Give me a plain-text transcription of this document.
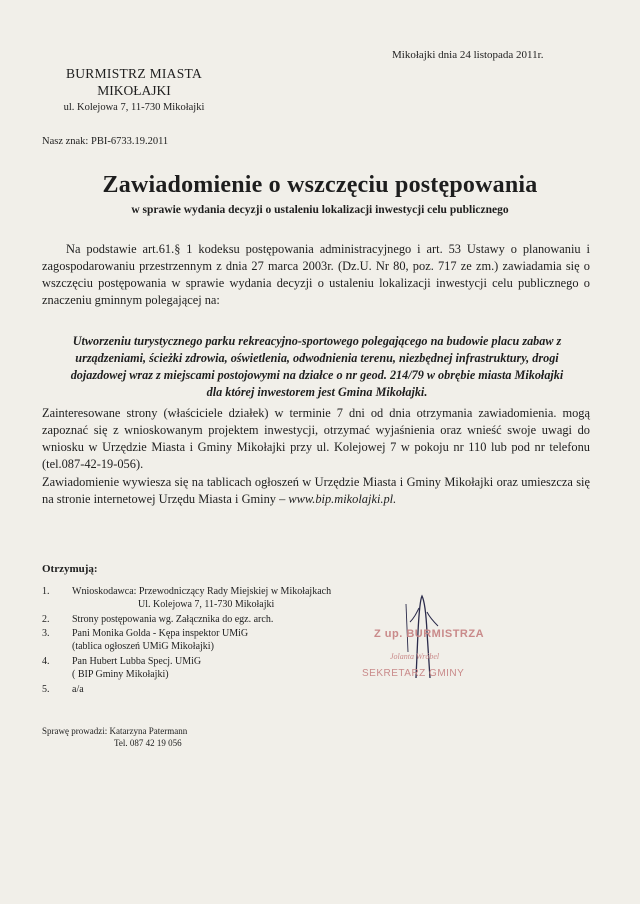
Mikołajki dnia 24 listopada 2011r.
BURMISTRZ MIASTA
MIKOŁAJKI
ul. Kolejowa 7, 11-730 Mikołajki
Nasz znak: PBI-6733.19.2011
Zawiadomienie o wszczęciu postępowania
w sprawie wydania decyzji o ustaleniu lokalizacji inwestycji celu publicznego
Na podstawie art.61.§ 1 kodeksu postępowania administracyjnego i art. 53 Ustawy o planowaniu i zagospodarowaniu przestrzennym z dnia 27 marca 2003r. (Dz.U. Nr 80, poz. 717 ze zm.) zawiadamia się o wszczęciu postępowania w sprawie wydania decyzji o ustaleniu lokalizacji inwestycji celu publicznego o znaczeniu gminnym polegającej na:
Utworzeniu turystycznego parku rekreacyjno-sportowego polegającego na budowie placu zabaw z
urządzeniami, ścieżki zdrowia, oświetlenia, odwodnienia terenu, niezbędnej infrastruktury, drogi
dojazdowej wraz z miejscami postojowymi na działce o nr geod. 214/79 w obrębie miasta Mikołajki
dla której inwestorem jest Gmina Mikołajki.
Zainteresowane strony (właściciele działek) w terminie 7 dni od dnia otrzymania zawiadomienia. mogą zapoznać się z wnioskowanym projektem inwestycji, otrzymać wyjaśnienia oraz wnieść swoje uwagi do wniosku w Urzędzie Miasta i Gminy Mikołajki przy ul. Kolejowej 7 w pokoju nr 110 lub pod nr telefonu (tel.087-42-19-056).
Zawiadomienie wywiesza się na tablicach ogłoszeń w Urzędzie Miasta i Gminy Mikołajki oraz umieszcza się na stronie internetowej Urzędu Miasta i Gminy – www.bip.mikolajki.pl.
Otrzymują:
1.	Wnioskodawca: Przewodniczący Rady Miejskiej w Mikołajkach
Ul. Kolejowa 7, 11-730 Mikołajki
2.	Strony postępowania wg. Załącznika do egz. arch.
3.	Pani Monika Golda - Kępa inspektor UMiG
(tablica ogłoszeń UMiG Mikołajki)
4.	Pan Hubert Lubba Specj. UMiG
( BIP Gminy Mikołajki)
5.	a/a
Z up. BURMISTRZA
Jolanta Wróbel
SEKRETARZ GMINY
Sprawę prowadzi: Katarzyna Patermann
Tel. 087 42 19 056
